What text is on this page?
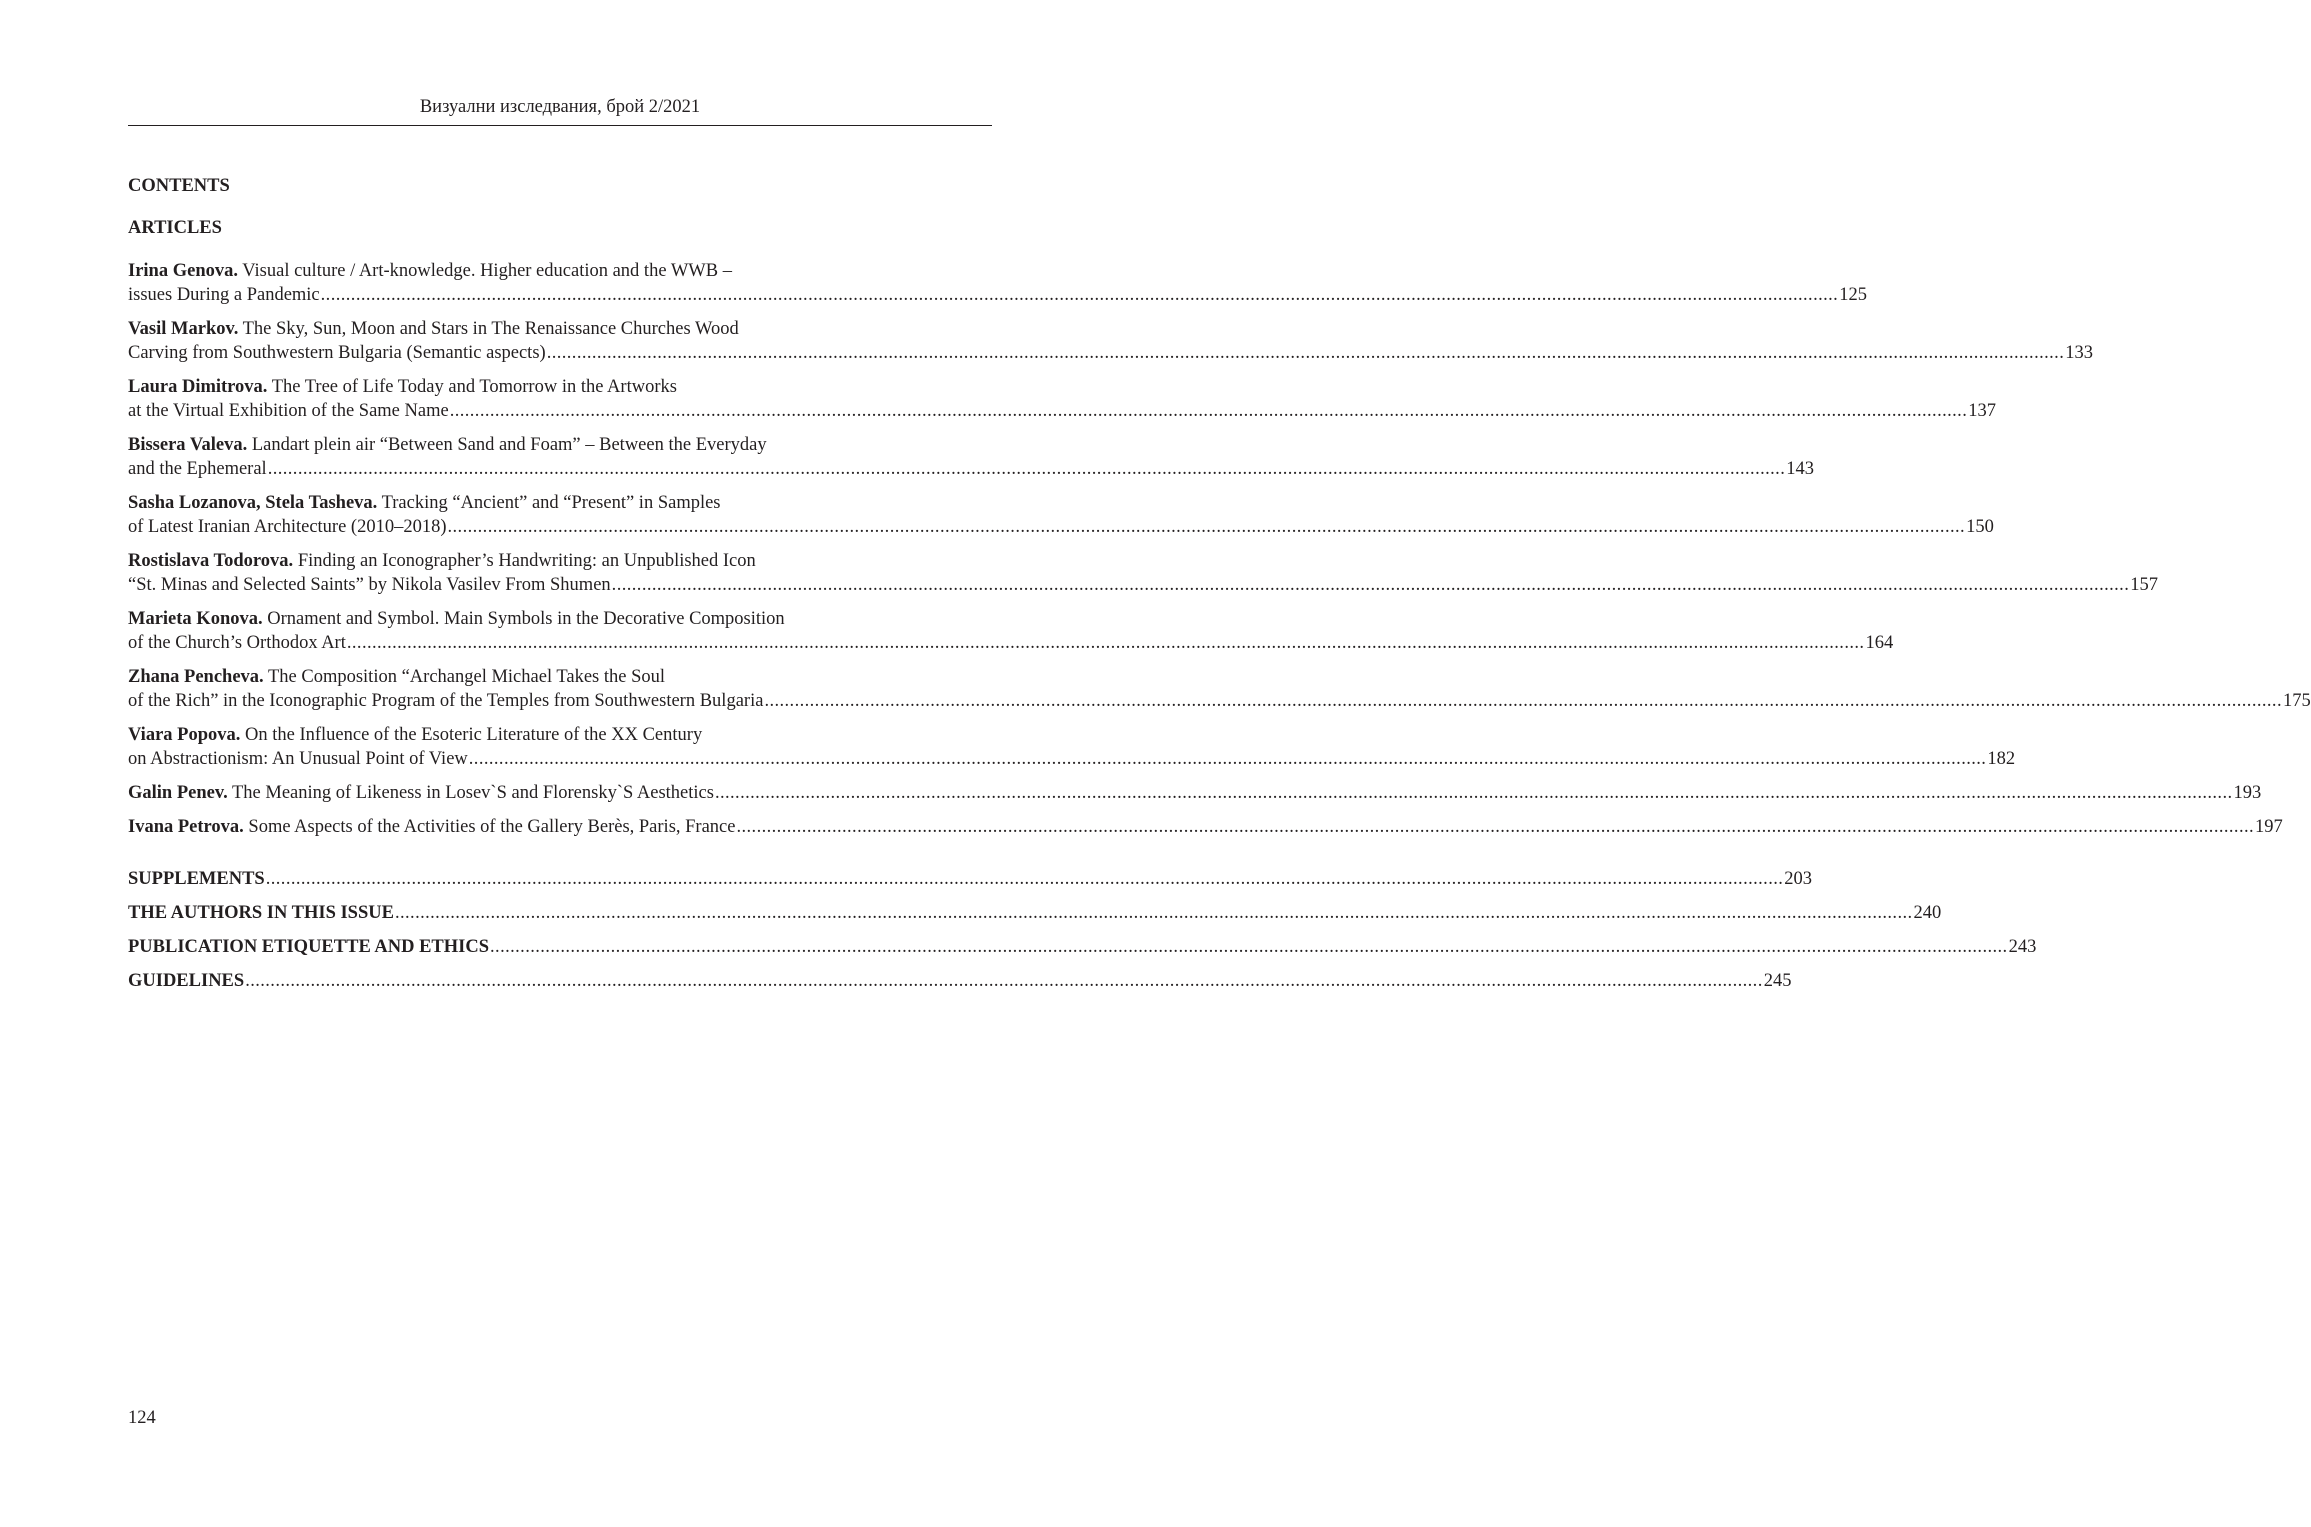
Визуални изследвания, брой 2/2021
CONTENTS
ARTICLES
Irina Genova. Visual culture / Art-knowledge. Higher education and the WWB –
issues During a Pandemic .....	125
Vasil Markov. The Sky, Sun, Moon and Stars in The Renaissance Churches Wood
Carving from Southwestern Bulgaria (Semantic aspects) .....	133
Laura Dimitrova. The Tree of Life Today and Tomorrow in the Artworks
at the Virtual Exhibition of the Same Name .....	137
Bissera Valeva. Landart plein air “Between Sand and Foam” – Between the Everyday
and the Ephemeral .....	143
Sasha Lozanova, Stela Tasheva. Tracking “Ancient” and “Present” in Samples
of Latest Iranian Architecture (2010–2018) .....	150
Rostislava Todorova. Finding an Iconographer’s Handwriting: an Unpublished Icon
“St. Minas and Selected Saints” by Nikola Vasilev From Shumen .....	157
Marieta Konova. Ornament and Symbol. Main Symbols in the Decorative Composition
of the Church’s Orthodox Art .....	164
Zhana Pencheva. The Composition “Archangel Michael Takes the Soul
of the Rich” in the Iconographic Program of the Temples from Southwestern Bulgaria .....	175
Viara Popova. On the Influence of the Esoteric Literature of the XX Century
on Abstractionism: An Unusual Point of View .....	182
Galin Penev. The Meaning of Likeness in Losev`S and Florensky`S Aesthetics .....	193
Ivana Petrova. Some Aspects of the Activities of the Gallery Berès, Paris, France .....	197
SUPPLEMENTS .....	203
THE AUTHORS IN THIS ISSUE .....	240
PUBLICATION ETIQUETTE AND ETHICS .....	243
GUIDELINES .....	245
124
